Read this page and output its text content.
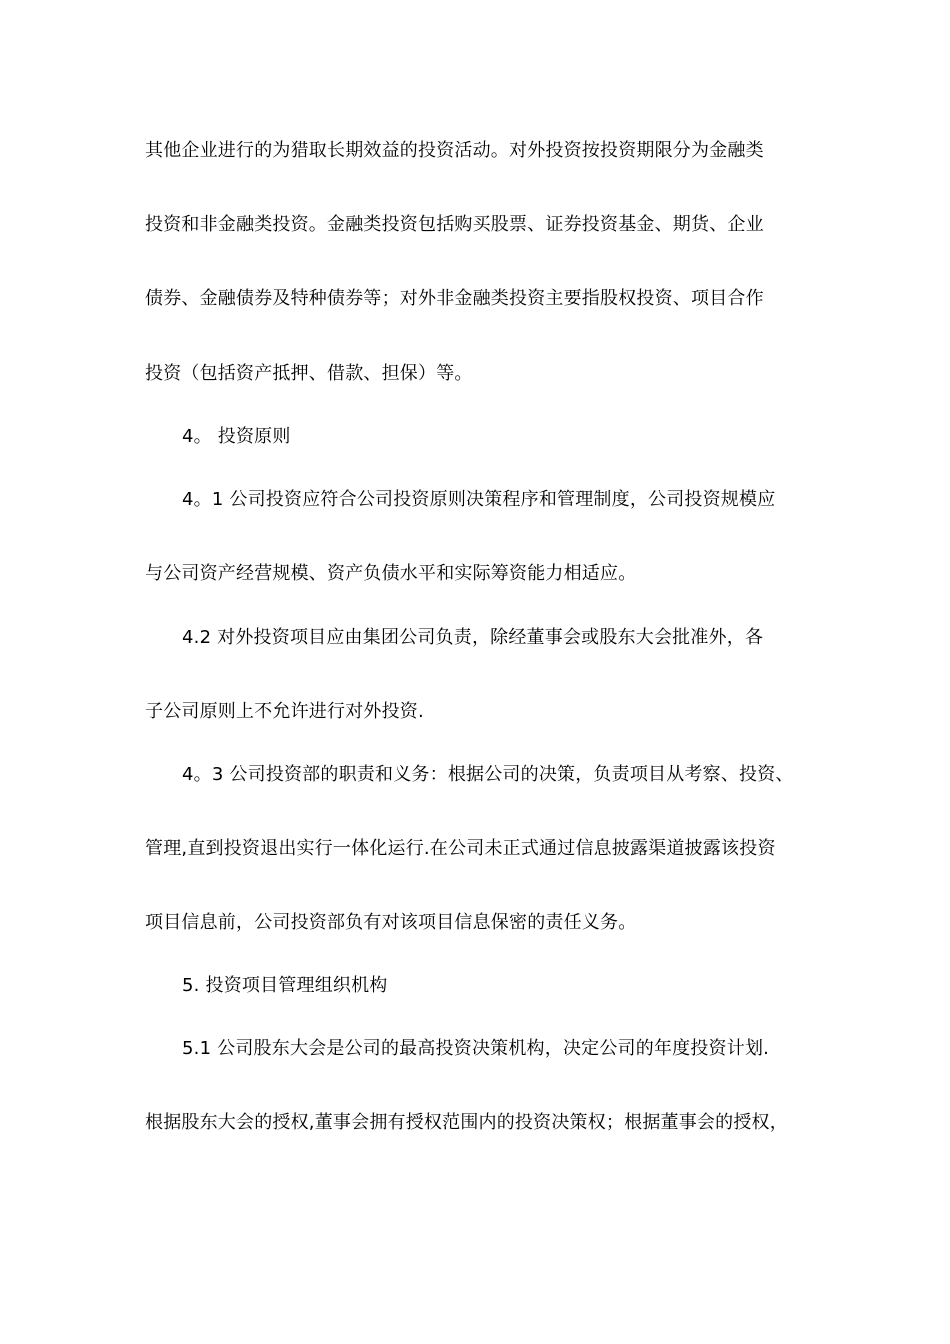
其他企业进行的为猎取长期效益的投资活动。对外投资按投资期限分为金融类
投资和非金融类投资。金融类投资包括购买股票、证券投资基金、期货、企业
债券、金融债券及特种债券等；对外非金融类投资主要指股权投资、项目合作
投资（包括资产抵押、借款、担保）等。
4。 投资原则
4。1 公司投资应符合公司投资原则决策程序和管理制度，公司投资规模应
与公司资产经营规模、资产负债水平和实际筹资能力相适应。
4.2 对外投资项目应由集团公司负责，除经董事会或股东大会批准外，各
子公司原则上不允许进行对外投资.
4。3 公司投资部的职责和义务：根据公司的决策，负责项目从考察、投资、
管理,直到投资退出实行一体化运行.在公司未正式通过信息披露渠道披露该投资
项目信息前，公司投资部负有对该项目信息保密的责任义务。
5. 投资项目管理组织机构
5.1 公司股东大会是公司的最高投资决策机构，决定公司的年度投资计划.
根据股东大会的授权,董事会拥有授权范围内的投资决策权；根据董事会的授权，
